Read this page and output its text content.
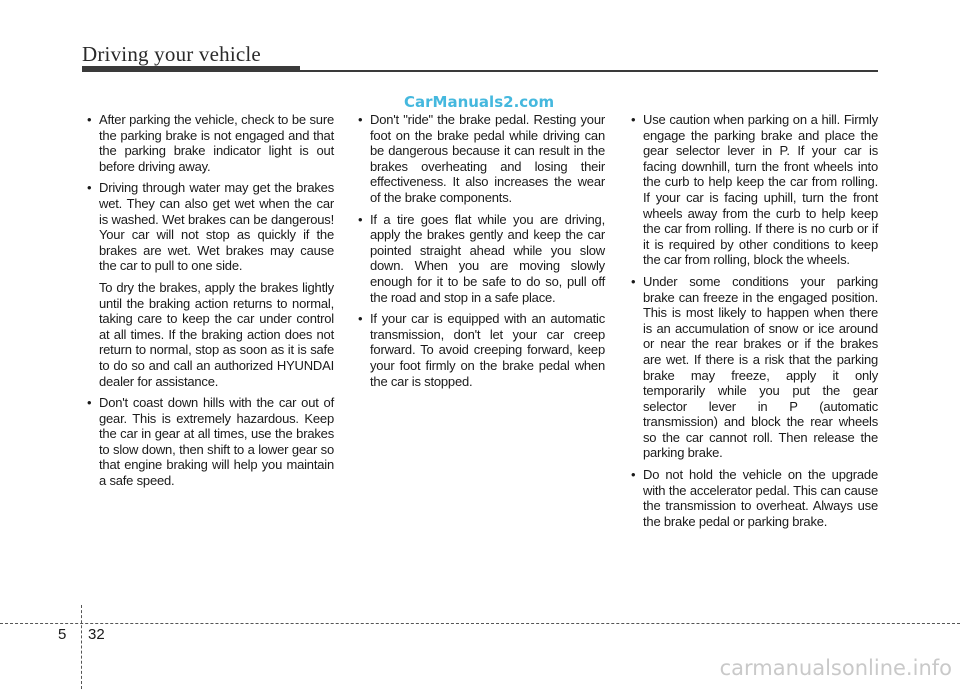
Driving your vehicle
CarManuals2.com
• After parking the vehicle, check to be sure the parking brake is not engaged and that the parking brake indicator light is out before driving away.
• Driving through water may get the brakes wet. They can also get wet when the car is washed. Wet brakes can be dangerous! Your car will not stop as quickly if the brakes are wet. Wet brakes may cause the car to pull to one side.
To dry the brakes, apply the brakes lightly until the braking action returns to normal, taking care to keep the car under control at all times. If the braking action does not return to normal, stop as soon as it is safe to do so and call an authorized HYUNDAI dealer for assistance.
• Don't coast down hills with the car out of gear. This is extremely hazardous. Keep the car in gear at all times, use the brakes to slow down, then shift to a lower gear so that engine braking will help you maintain a safe speed.
• Don't "ride" the brake pedal. Resting your foot on the brake pedal while driving can be dangerous because it can result in the brakes overheating and losing their effectiveness. It also increases the wear of the brake components.
• If a tire goes flat while you are driving, apply the brakes gently and keep the car pointed straight ahead while you slow down. When you are moving slowly enough for it to be safe to do so, pull off the road and stop in a safe place.
• If your car is equipped with an automatic transmission, don't let your car creep forward. To avoid creeping forward, keep your foot firmly on the brake pedal when the car is stopped.
• Use caution when parking on a hill. Firmly engage the parking brake and place the gear selector lever in P. If your car is facing downhill, turn the front wheels into the curb to help keep the car from rolling. If your car is facing uphill, turn the front wheels away from the curb to help keep the car from rolling. If there is no curb or if it is required by other conditions to keep the car from rolling, block the wheels.
• Under some conditions your parking brake can freeze in the engaged position. This is most likely to happen when there is an accumulation of snow or ice around or near the rear brakes or if the brakes are wet. If there is a risk that the parking brake may freeze, apply it only temporarily while you put the gear selector lever in P (automatic transmission) and block the rear wheels so the car cannot roll. Then release the parking brake.
• Do not hold the vehicle on the upgrade with the accelerator pedal. This can cause the transmission to overheat. Always use the brake pedal or parking brake.
5 32
carmanualsonline.info
